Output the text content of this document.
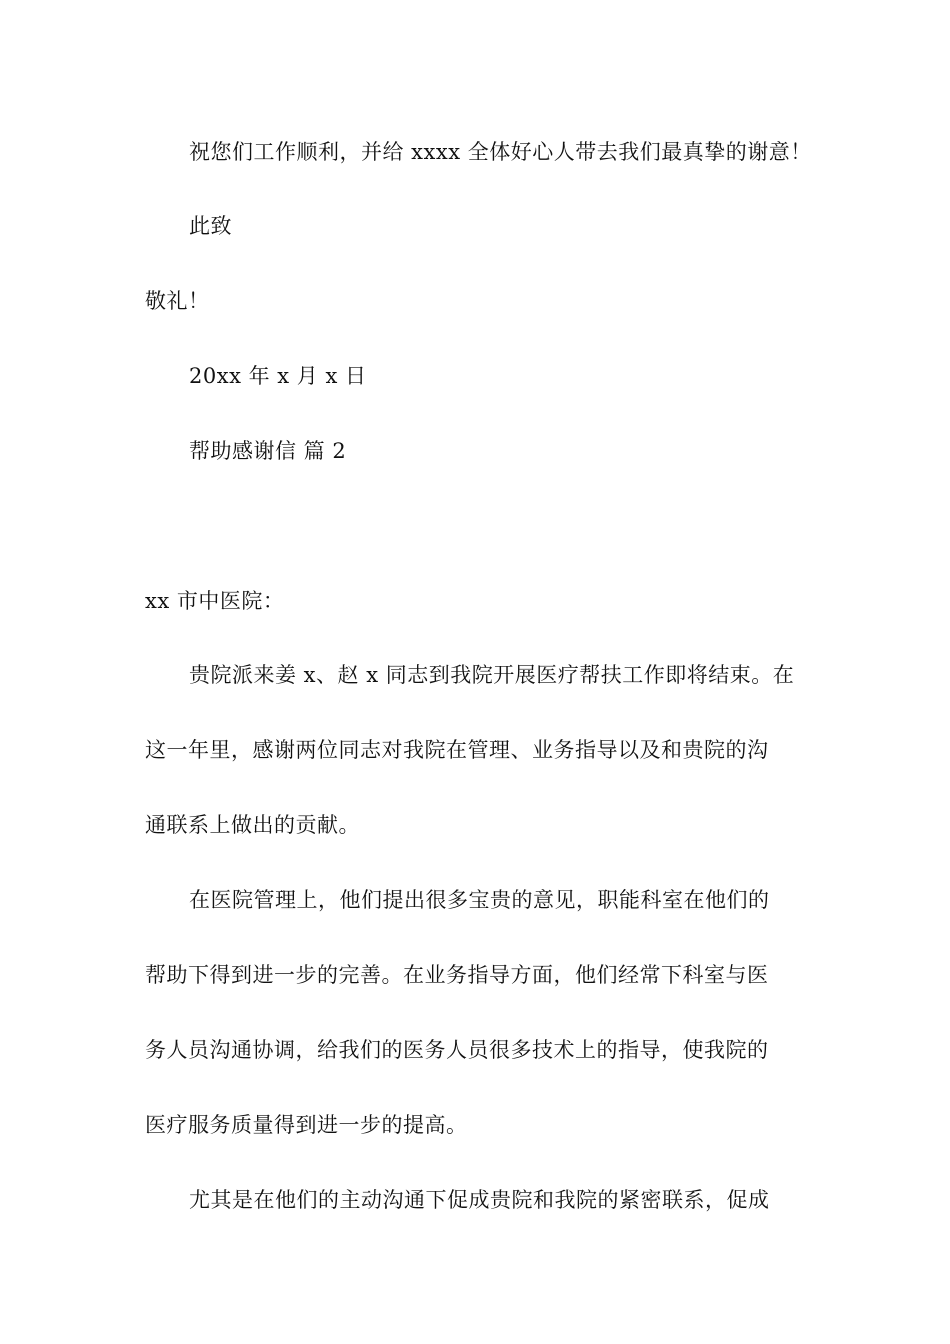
祝您们工作顺利，并给 xxxx 全体好心人带去我们最真挚的谢意！
此致
敬礼！
20xx 年 x 月 x 日
帮助感谢信 篇 2
xx 市中医院：
贵院派来姜 x、赵 x 同志到我院开展医疗帮扶工作即将结束。在
这一年里，感谢两位同志对我院在管理、业务指导以及和贵院的沟
通联系上做出的贡献。
在医院管理上，他们提出很多宝贵的意见，职能科室在他们的
帮助下得到进一步的完善。在业务指导方面，他们经常下科室与医
务人员沟通协调，给我们的医务人员很多技术上的指导，使我院的
医疗服务质量得到进一步的提高。
尤其是在他们的主动沟通下促成贵院和我院的紧密联系，促成
